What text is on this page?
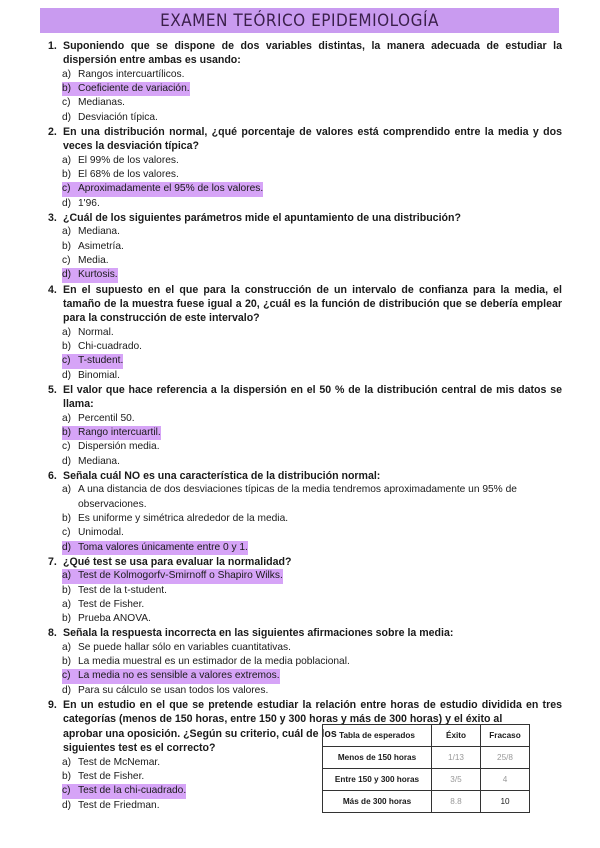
EXAMEN TEÓRICO EPIDEMIOLOGÍA
1. Suponiendo que se dispone de dos variables distintas, la manera adecuada de estudiar la dispersión entre ambas es usando:
a) Rangos intercuartílicos.
b) Coeficiente de variación.
c) Medianas.
d) Desviación típica.
2. En una distribución normal, ¿qué porcentaje de valores está comprendido entre la media y dos veces la desviación típica?
a) El 99% de los valores.
b) El 68% de los valores.
c) Aproximadamente el 95% de los valores.
d) 1'96.
3. ¿Cuál de los siguientes parámetros mide el apuntamiento de una distribución?
a) Mediana.
b) Asimetría.
c) Media.
d) Kurtosis.
4. En el supuesto en el que para la construcción de un intervalo de confianza para la media, el tamaño de la muestra fuese igual a 20, ¿cuál es la función de distribución que se debería emplear para la construcción de este intervalo?
a) Normal.
b) Chi-cuadrado.
c) T-student.
d) Binomial.
5. El valor que hace referencia a la dispersión en el 50 % de la distribución central de mis datos se llama:
a) Percentil 50.
b) Rango intercuartil.
c) Dispersión media.
d) Mediana.
6. Señala cuál NO es una característica de la distribución normal:
a) A una distancia de dos desviaciones típicas de la media tendremos aproximadamente un 95% de observaciones.
b) Es uniforme y simétrica alrededor de la media.
c) Unimodal.
d) Toma valores únicamente entre 0 y 1.
7. ¿Qué test se usa para evaluar la normalidad?
a) Test de Kolmogorfv-Smirnoff o Shapiro Wilks.
b) Test de la t-student.
a) Test de Fisher.
b) Prueba ANOVA.
8. Señala la respuesta incorrecta en las siguientes afirmaciones sobre la media:
a) Se puede hallar sólo en variables cuantitativas.
b) La media muestral es un estimador de la media poblacional.
c) La media no es sensible a valores extremos.
d) Para su cálculo se usan todos los valores.
9. En un estudio en el que se pretende estudiar la relación entre horas de estudio dividida en tres categorías (menos de 150 horas, entre 150 y 300 horas y más de 300 horas) y el éxito al
aprobar una oposición. ¿Según su criterio, cuál de los siguientes test es el correcto?
a) Test de McNemar.
b) Test de Fisher.
c) Test de la chi-cuadrado.
d) Test de Friedman.
Tabla de esperados	Éxito	Fracaso
Menos de 150 horas	1/13	25/8
Entre 150 y 300 horas	3/5	4
Más de 300 horas	8.8	10
